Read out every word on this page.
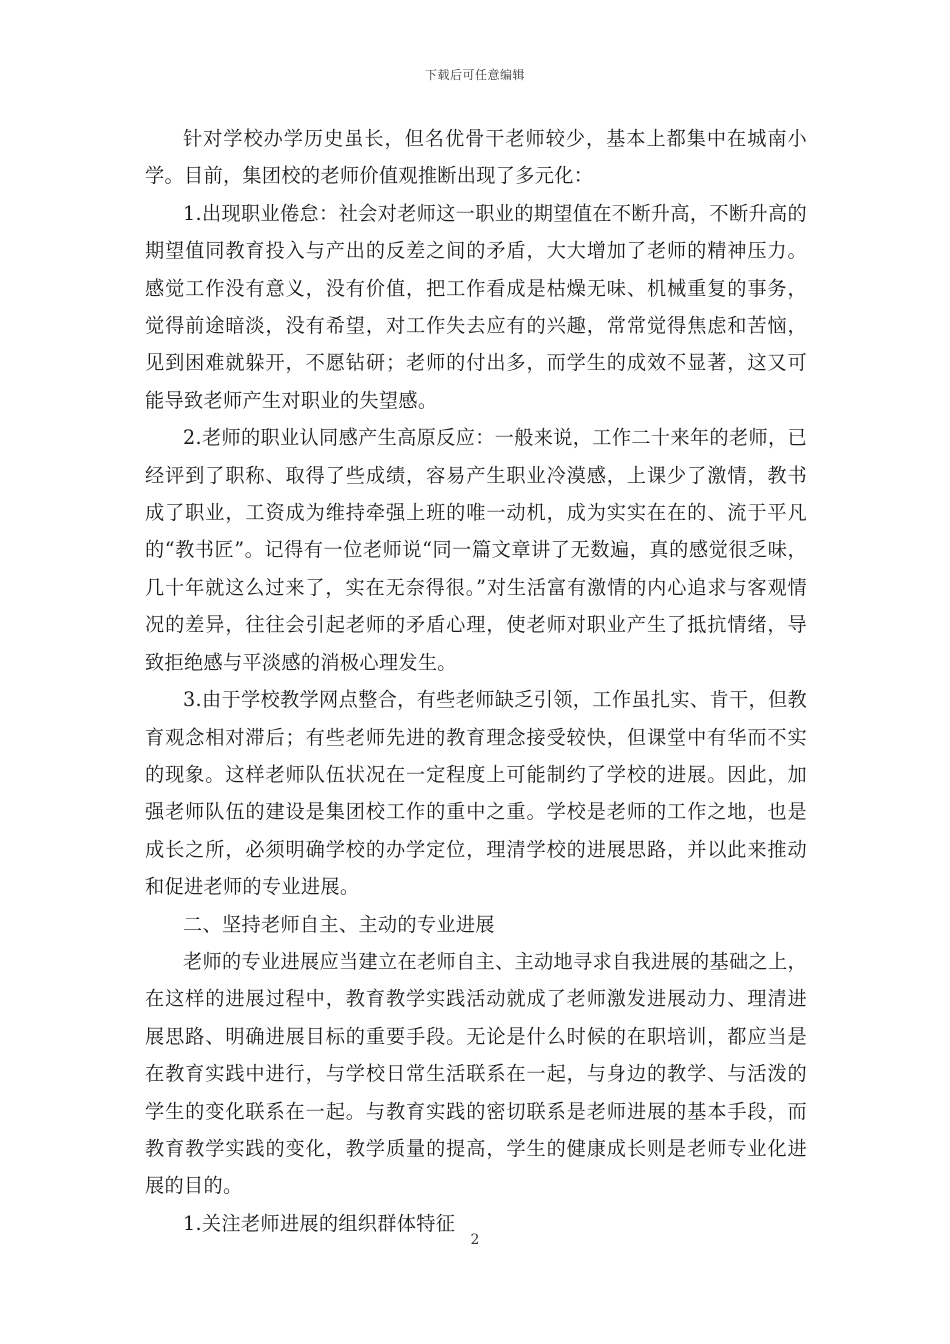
下载后可任意编辑

针对学校办学历史虽长，但名优骨干老师较少，基本上都集中在城南小学。目前，集团校的老师价值观推断出现了多元化：

1.出现职业倦怠：社会对老师这一职业的期望值在不断升高，不断升高的期望值同教育投入与产出的反差之间的矛盾，大大增加了老师的精神压力。感觉工作没有意义，没有价值，把工作看成是枯燥无味、机械重复的事务，觉得前途暗淡，没有希望，对工作失去应有的兴趣，常常觉得焦虑和苦恼，见到困难就躲开，不愿钻研；老师的付出多，而学生的成效不显著，这又可能导致老师产生对职业的失望感。

2.老师的职业认同感产生高原反应：一般来说，工作二十来年的老师，已经评到了职称、取得了些成绩，容易产生职业冷漠感，上课少了激情，教书成了职业，工资成为维持牵强上班的唯一动机，成为实实在在的、流于平凡的“教书匠”。记得有一位老师说“同一篇文章讲了无数遍，真的感觉很乏味，几十年就这么过来了，实在无奈得很。”对生活富有激情的内心追求与客观情况的差异，往往会引起老师的矛盾心理，使老师对职业产生了抵抗情绪，导致拒绝感与平淡感的消极心理发生。

3.由于学校教学网点整合，有些老师缺乏引领，工作虽扎实、肯干，但教育观念相对滞后；有些老师先进的教育理念接受较快，但课堂中有华而不实的现象。这样老师队伍状况在一定程度上可能制约了学校的进展。因此，加强老师队伍的建设是集团校工作的重中之重。学校是老师的工作之地，也是成长之所，必须明确学校的办学定位，理清学校的进展思路，并以此来推动和促进老师的专业进展。

二、坚持老师自主、主动的专业进展

老师的专业进展应当建立在老师自主、主动地寻求自我进展的基础之上，在这样的进展过程中，教育教学实践活动就成了老师激发进展动力、理清进展思路、明确进展目标的重要手段。无论是什么时候的在职培训，都应当是在教育实践中进行，与学校日常生活联系在一起，与身边的教学、与活泼的学生的变化联系在一起。与教育实践的密切联系是老师进展的基本手段，而教育教学实践的变化，教学质量的提高，学生的健康成长则是老师专业化进展的目的。

1.关注老师进展的组织群体特征

2
